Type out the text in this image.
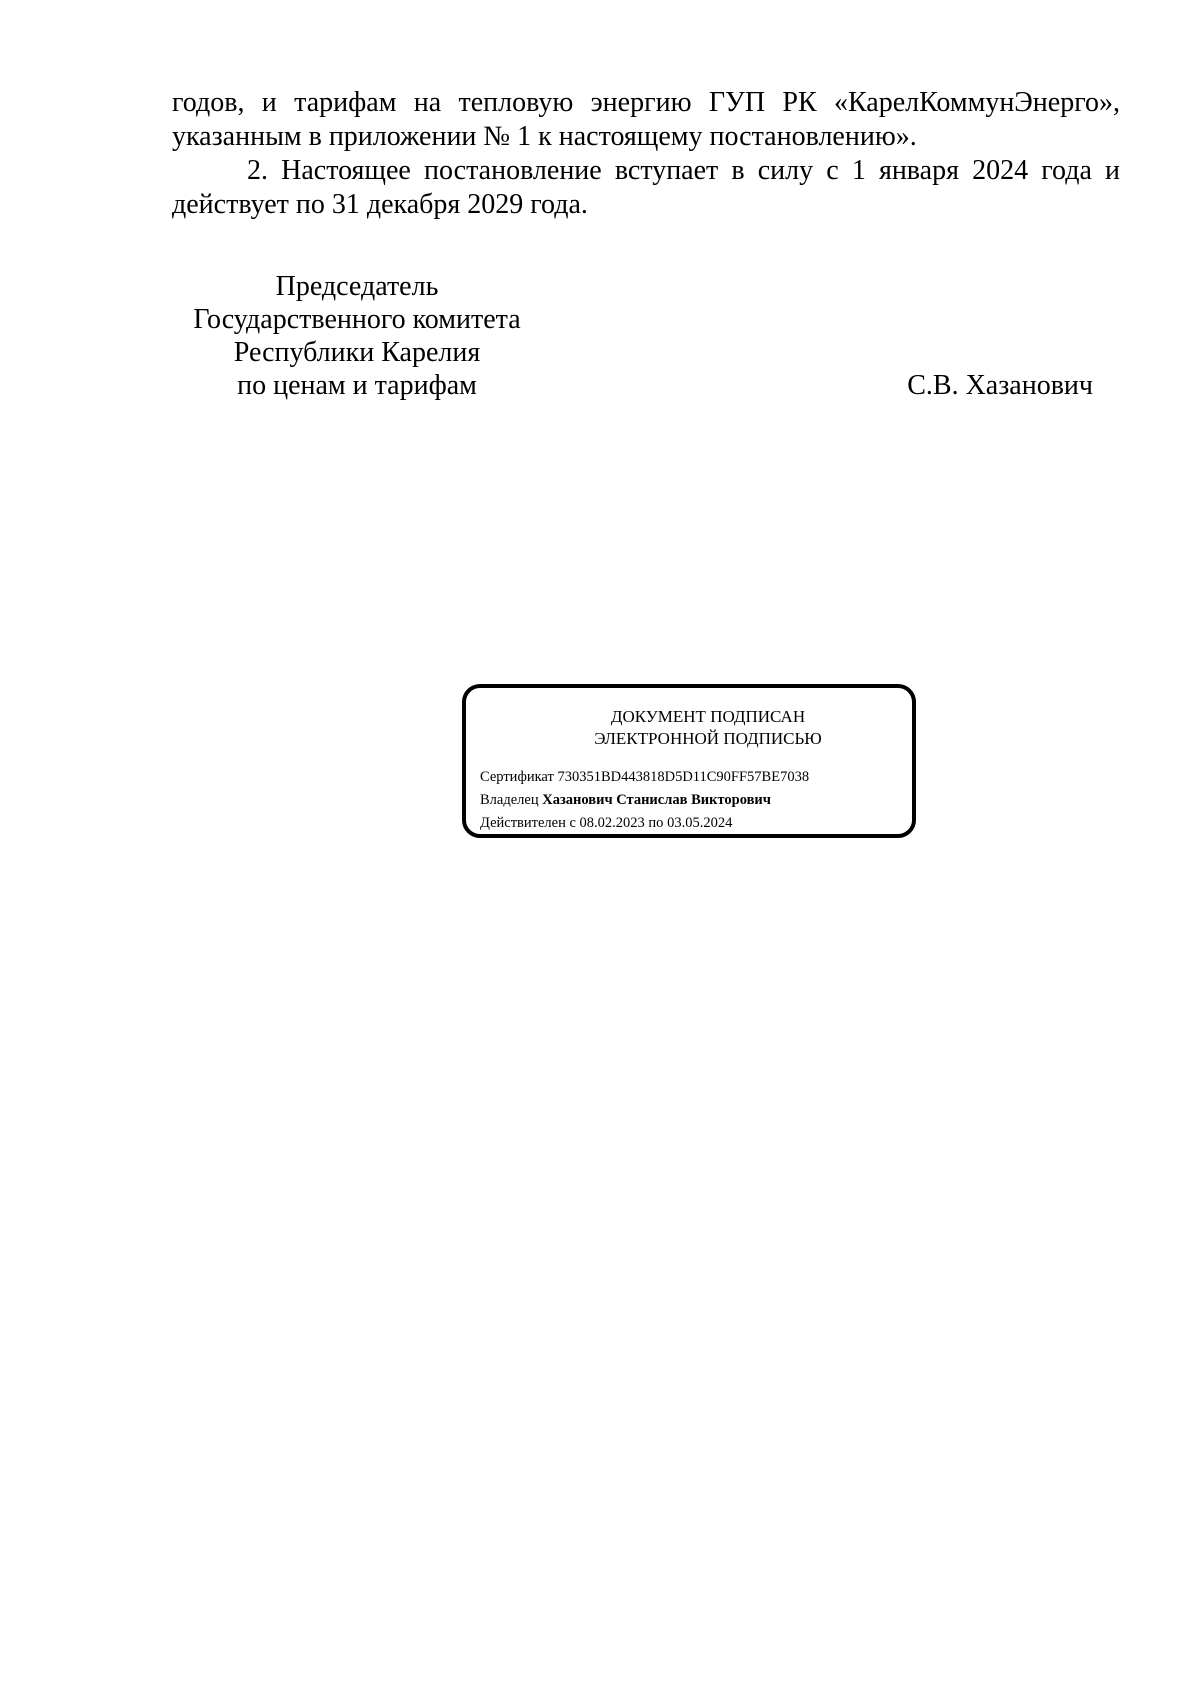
годов, и тарифам на тепловую энергию ГУП РК «КарелКоммунЭнерго»,
указанным в приложении № 1 к настоящему постановлению».

2. Настоящее постановление вступает в силу с 1 января 2024 года и
действует по 31 декабря 2029 года.

Председатель
Государственного комитета
Республики Карелия
по ценам и тарифам	С.В. Хазанович
ДОКУМЕНТ ПОДПИСАН
ЭЛЕКТРОННОЙ ПОДПИСЬЮ
Сертификат 730351BD443818D5D11C90FF57BE7038
Владелец Хазанович Станислав Викторович
Действителен с 08.02.2023 по 03.05.2024
